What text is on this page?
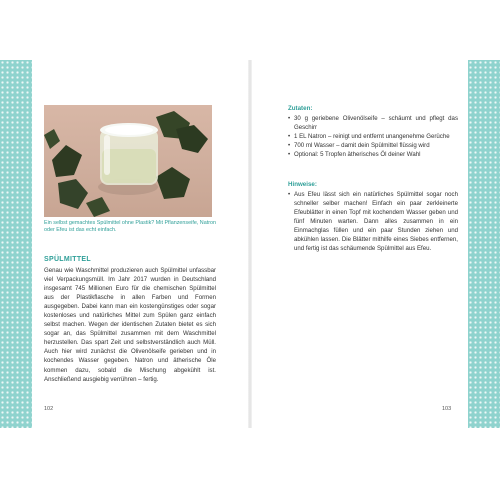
Ein selbst gemachtes Spülmittel ohne Plastik? Mit Pflanzenseife, Natron oder Efeu ist das echt einfach.
SPÜLMITTEL
Genau wie Waschmittel produzieren auch Spülmittel unfassbar viel Verpackungsmüll. Im Jahr 2017 wurden in Deutschland insgesamt 745 Millionen Euro für die chemischen Spülmittel aus der Plastikflasche in allen Farben und Formen ausgegeben. Dabei kann man ein kostengünstiges oder sogar kostenloses und natürliches Mittel zum Spülen ganz einfach selbst machen. Wegen der identischen Zutaten bietet es sich sogar an, das Spülmittel zusammen mit dem Waschmittel herzustellen. Das spart Zeit und selbstverständlich auch Müll. Auch hier wird zunächst die Olivenölseife gerieben und in kochendes Wasser gegeben. Natron und ätherische Öle kommen dazu, sobald die Mischung abgekühlt ist. Anschließend ausgiebig verrühren – fertig.
102
Zutaten:
• 30 g geriebene Olivenölseife – schäumt und pflegt das Geschirr
• 1 EL Natron – reinigt und entfernt unangenehme Gerüche
• 700 ml Wasser – damit dein Spülmittel flüssig wird
• Optional: 5 Tropfen ätherisches Öl deiner Wahl
Hinweise:
• Aus Efeu lässt sich ein natürliches Spülmittel sogar noch schneller selber machen! Einfach ein paar zerkleinerte Efeublätter in einen Topf mit kochendem Wasser geben und fünf Minuten warten. Dann alles zusammen in ein Einmachglas füllen und ein paar Stunden ziehen und abkühlen lassen. Die Blätter mithilfe eines Siebes entfernen, und fertig ist das schäumende Spülmittel aus Efeu.
103
